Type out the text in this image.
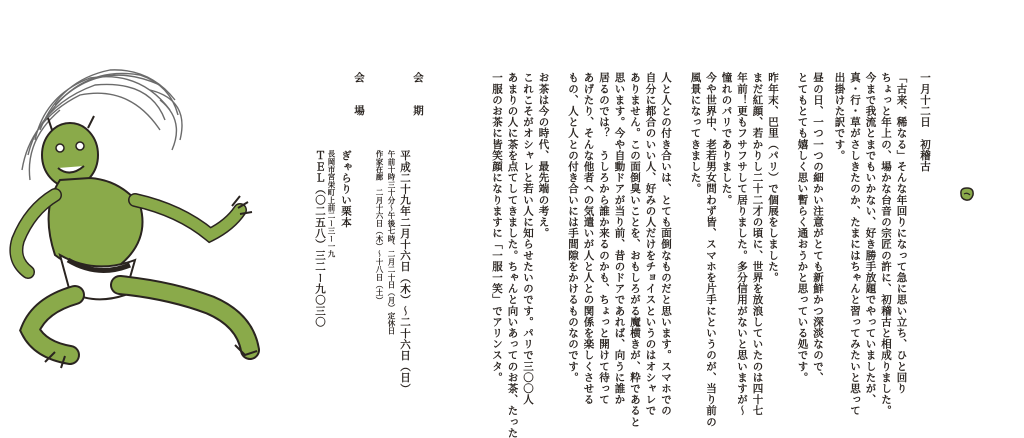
ＴＥＬ（〇二五八）三二ー九〇三〇 長岡市宮栄町上前二ー三ー一九 ぎゃらりい栗本
会　場
作家在廊　二月十六日（木）〜十八日（土） 午前十時三十分〜午後七時、二月二十日（月）定休日 平成二十九年二月十六日（木）〜二十六日（日）
会　期	一月十二日　初稽古
「古来、稀なる」そんな年回りになって急に思い立ち、ひと回り
ちょっと年上の、場かな台音の宗匠の許に、初稽古と相成りました。
今まで我流とまでもいかない、好き勝手放題でやっていましたが、
真・行・草がさしきたのか、たまにはちゃんと習ってみたいと思って
出掛けた訳です。
昼の日、一つ一つの細かい注意がとても新鮮かつ深淡なので、
とてもとても嬉しく思い暫らく通おうかと思っている処です。
昨年末、巴里（パリ）で個展をしました。
まだ紅顔、若かりし二十二才の頃に、世界を放浪していたのは四十七
年前！更もフサフサして居りました。多分信用がないと思いますが〜
憧れのパリでありました。
今や世界中、老若男女問わず皆、スマホを片手にというのが、当り前の
風景になってきました。
人と人との付き合いは、とても面倒なものだと思います。スマホでの
自分に都合のいい人、好みの人だけをチョイスというのはオシャレで
ありません。この面倒臭いことを、おもしろがる魔横きが、粋であると
思います。今や自動ドアが当り前、昔のドアであれば、向うに誰か
居るのでは？　うしろから誰か来るのかも、ちょっと開けて待って
あげたり、そんな他者への気遣いが人と人との関係を楽しくさせる
もの、人と人との付き合いには手間隙をかけるものなのです。
お茶は今の時代、最先端の考え。
これこそがオシャレと若い人に知らせたいのです。パリで三〇〇人
あまりの人に茶を点てしてきました。ちゃんと向いあってのお茶、たった
一服のお茶に皆笑顔になりますに「一服一笑」でアリンスタ。
